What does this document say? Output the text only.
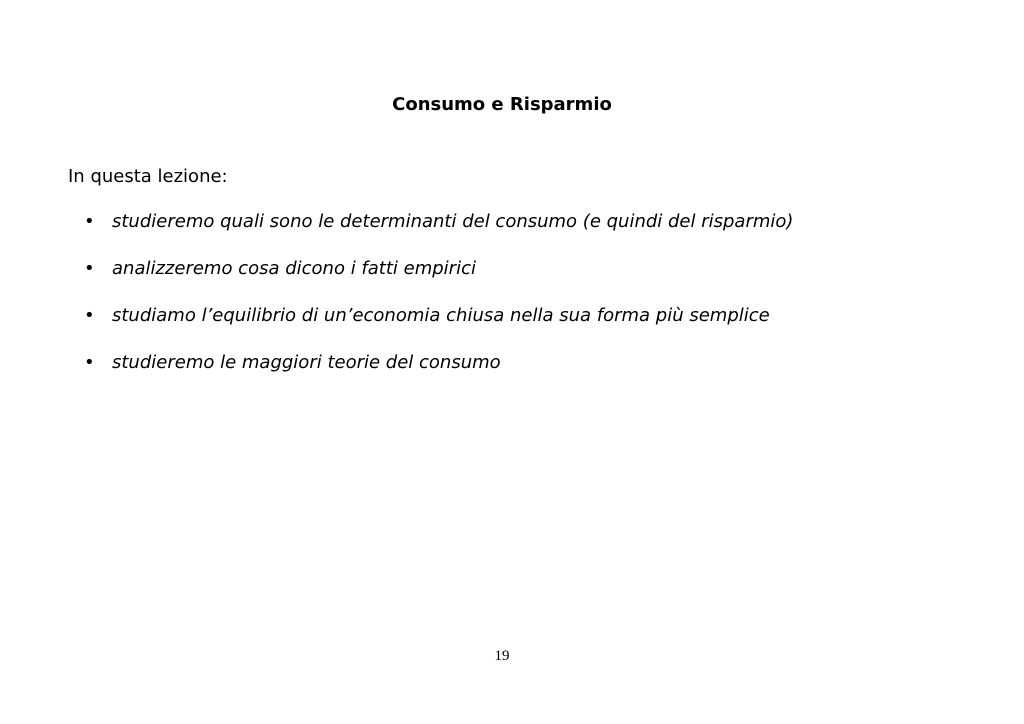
Consumo e Risparmio

In questa lezione:

• studieremo quali sono le determinanti del consumo (e quindi del risparmio)
• analizzeremo cosa dicono i fatti empirici
• studiamo l’equilibrio di un’economia chiusa nella sua forma più semplice
• studieremo le maggiori teorie del consumo

19
